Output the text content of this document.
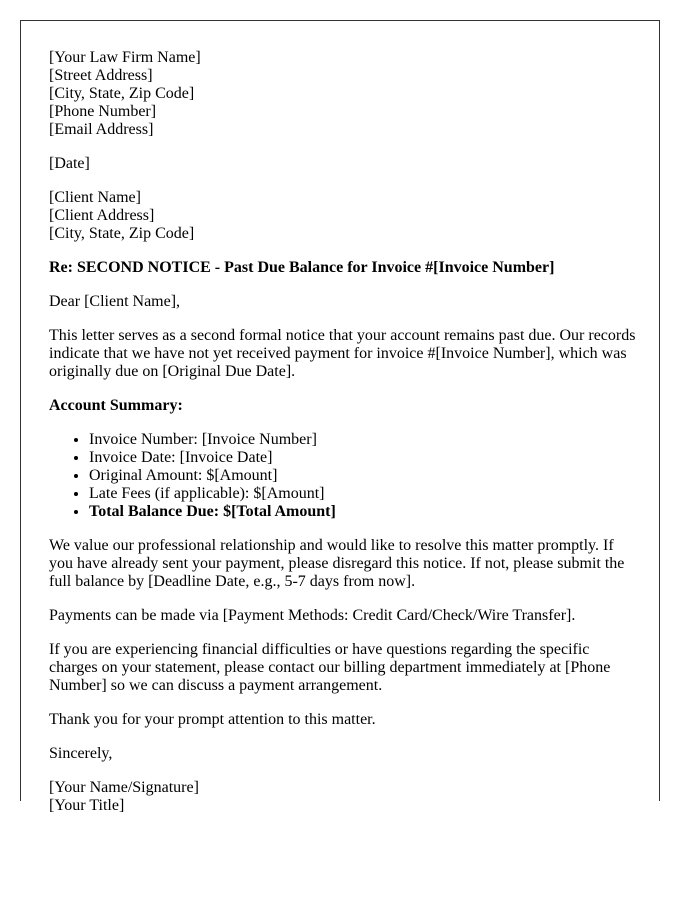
[Your Law Firm Name]
[Street Address]
[City, State, Zip Code]
[Phone Number]
[Email Address]

[Date]

[Client Name]
[Client Address]
[City, State, Zip Code]

Re: SECOND NOTICE - Past Due Balance for Invoice #[Invoice Number]

Dear [Client Name],

This letter serves as a second formal notice that your account remains past due. Our records indicate that we have not yet received payment for invoice #[Invoice Number], which was originally due on [Original Due Date].

Account Summary:

• Invoice Number: [Invoice Number]
• Invoice Date: [Invoice Date]
• Original Amount: $[Amount]
• Late Fees (if applicable): $[Amount]
• Total Balance Due: $[Total Amount]

We value our professional relationship and would like to resolve this matter promptly. If you have already sent your payment, please disregard this notice. If not, please submit the full balance by [Deadline Date, e.g., 5-7 days from now].

Payments can be made via [Payment Methods: Credit Card/Check/Wire Transfer].

If you are experiencing financial difficulties or have questions regarding the specific charges on your statement, please contact our billing department immediately at [Phone Number] so we can discuss a payment arrangement.

Thank you for your prompt attention to this matter.

Sincerely,

[Your Name/Signature]
[Your Title]
